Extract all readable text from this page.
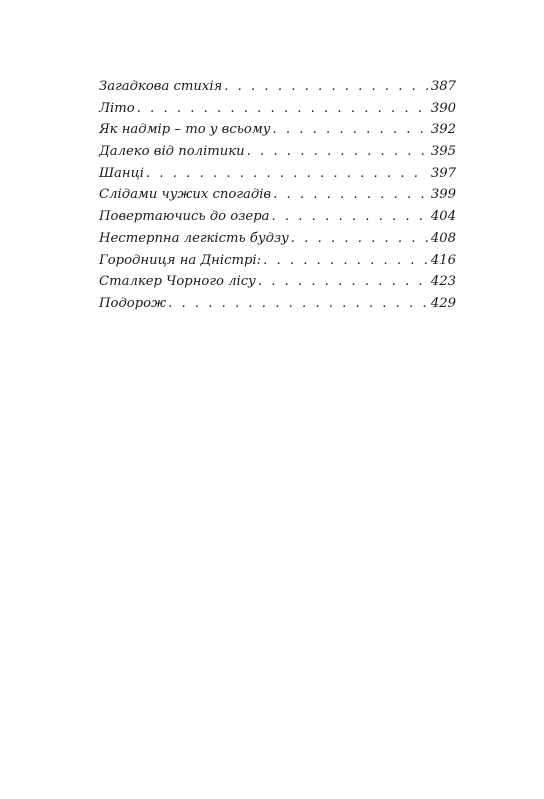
Загадкова стихія . . .	387
Літо . . .	390
Як надмір – то у всьому . . .	392
Далеко від політики . . .	395
Шанці . . .	397
Слідами чужих спогадів . . .	399
Повертаючись до озера . . .	404
Нестерпна легкість будзу . . .	408
Городниця на Дністрі: . . .	416
Сталкер Чорного лісу . . .	423
Подорож . . .	429
